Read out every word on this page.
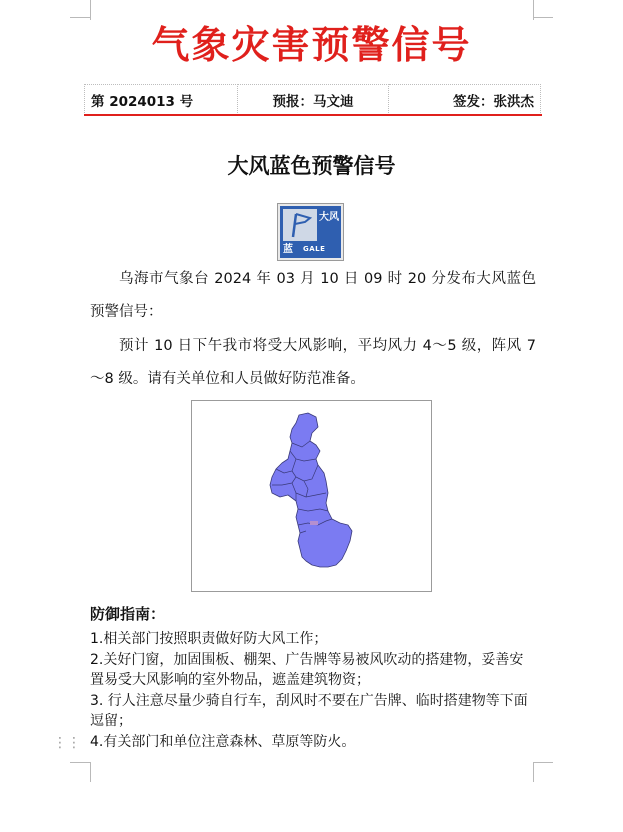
气象灾害预警信号
第 2024013 号	预报：马文迪	签发：张洪杰
大风蓝色预警信号
大风
蓝	GALE
乌海市气象台 2024 年 03 月 10 日 09 时 20 分发布大风蓝色预警信号：
预计 10 日下午我市将受大风影响，平均风力 4～5 级，阵风 7～8 级。请有关单位和人员做好防范准备。
防御指南：
1.相关部门按照职责做好防大风工作；
2.关好门窗，加固围板、棚架、广告牌等易被风吹动的搭建物，妥善安置易受大风影响的室外物品，遮盖建筑物资；
3. 行人注意尽量少骑自行车，刮风时不要在广告牌、临时搭建物等下面逗留；
4.有关部门和单位注意森林、草原等防火。
⋮⋮
